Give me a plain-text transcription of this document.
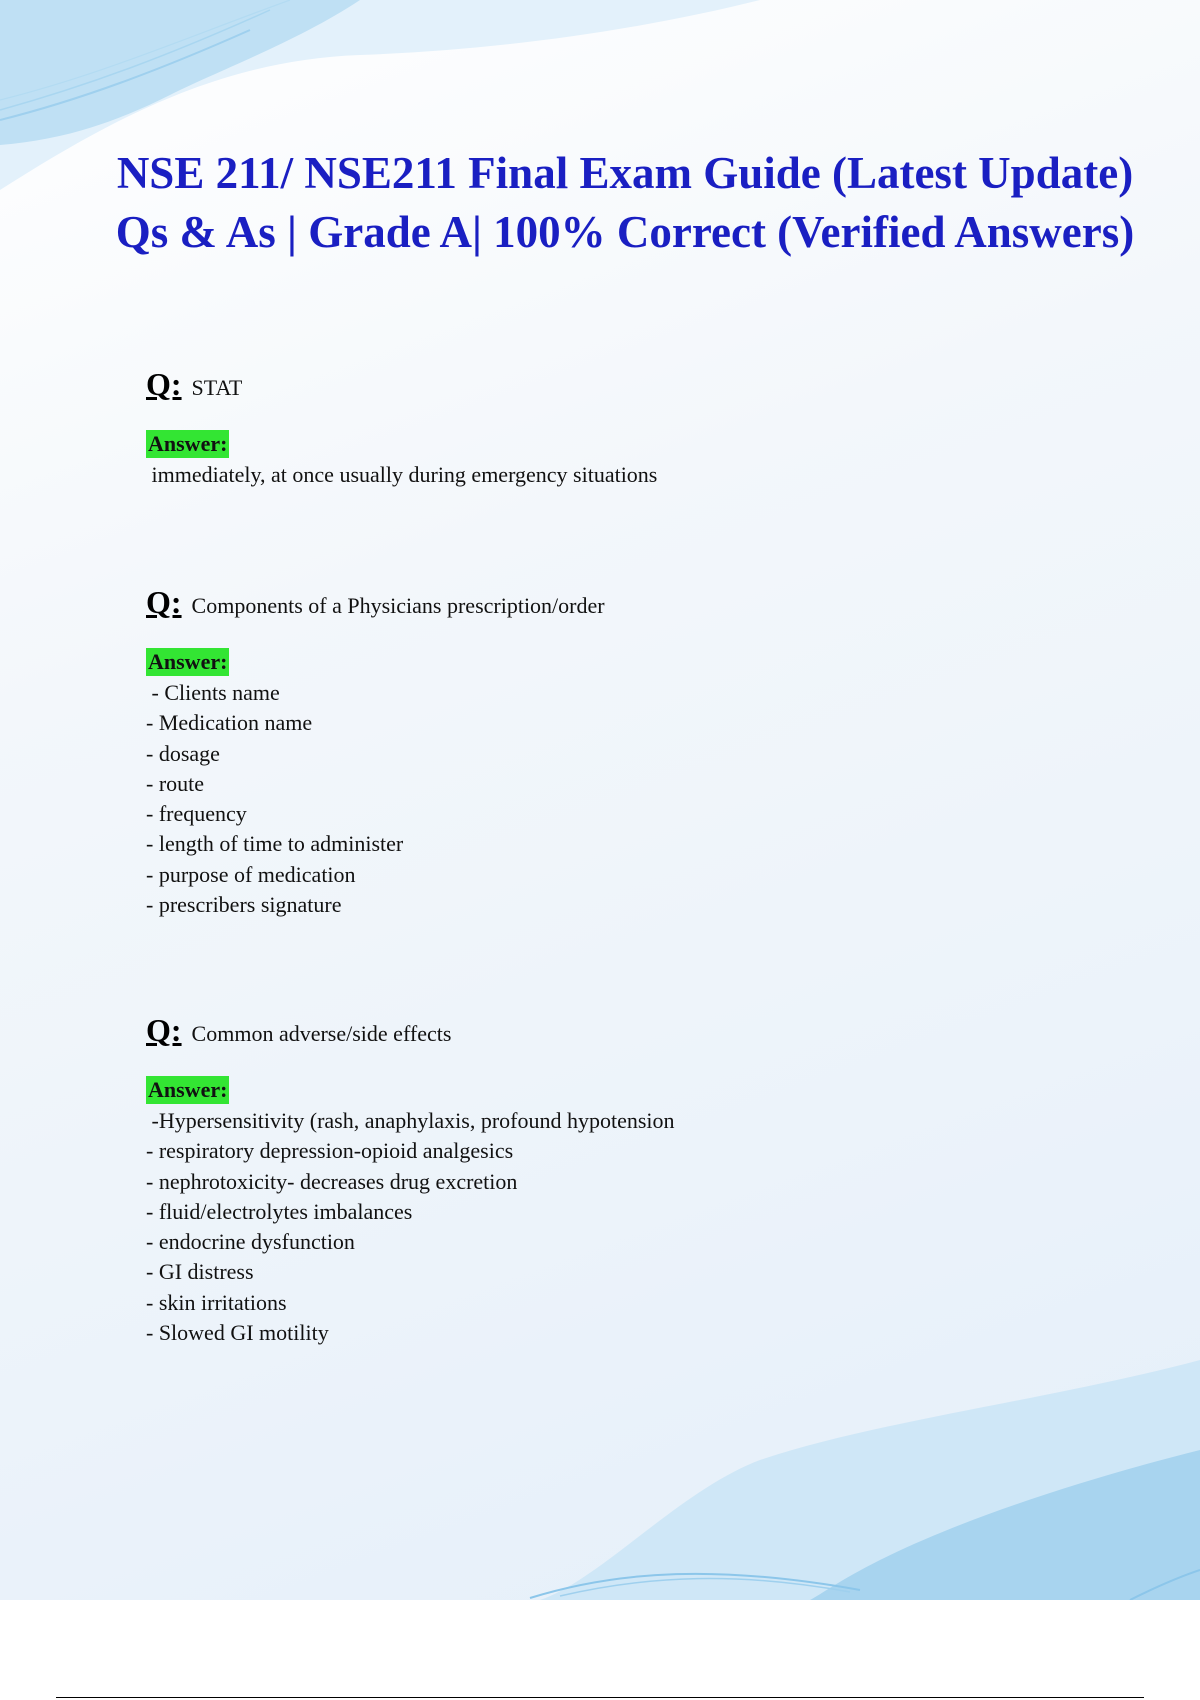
NSE 211/ NSE211 Final Exam Guide (Latest Update) Qs & As | Grade A| 100% Correct (Verified Answers)
Q: STAT
Answer:
immediately, at once usually during emergency situations
Q: Components of a Physicians prescription/order
Answer:
- Clients name
- Medication name
- dosage
- route
- frequency
- length of time to administer
- purpose of medication
- prescribers signature
Q: Common adverse/side effects
Answer:
-Hypersensitivity (rash, anaphylaxis, profound hypotension
- respiratory depression-opioid analgesics
- nephrotoxicity- decreases drug excretion
- fluid/electrolytes imbalances
- endocrine dysfunction
- GI distress
- skin irritations
- Slowed GI motility
